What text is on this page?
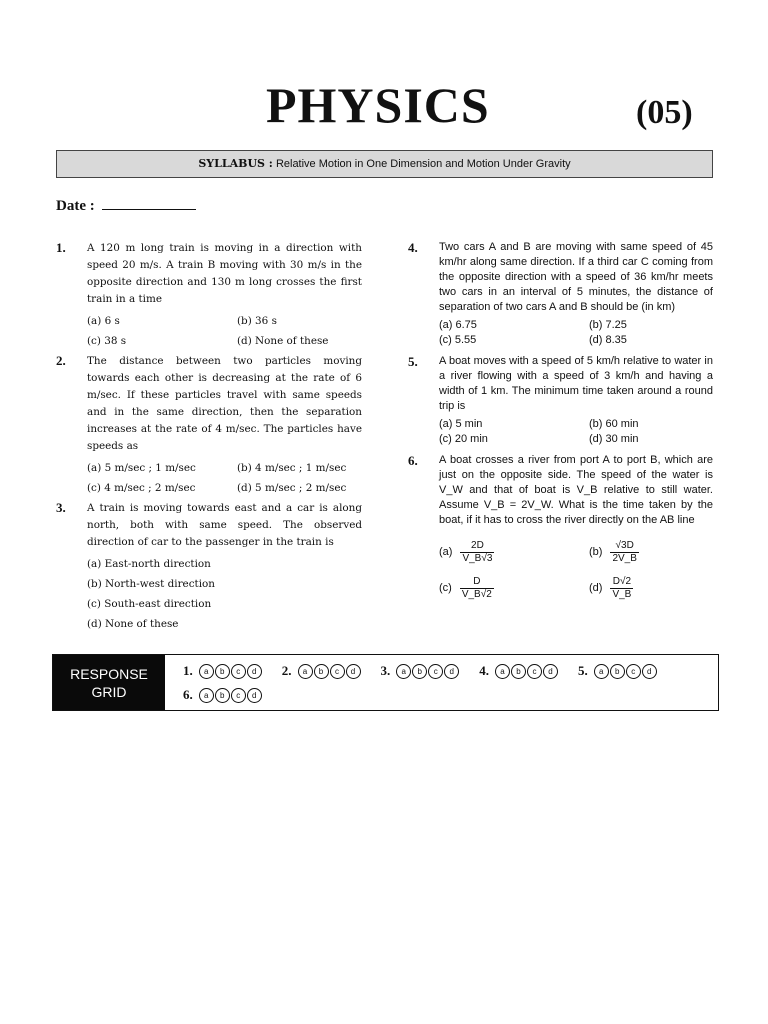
PHYSICS	(05)
SYLLABUS : Relative Motion in One Dimension and Motion Under Gravity
Date :
1. A 120 m long train is moving in a direction with speed 20 m/s. A train B moving with 30 m/s in the opposite direction and 130 m long crosses the first train in a time

(a) 6 s	(b) 36 s
(c) 38 s	(d) None of these
2. The distance between two particles moving towards each other is decreasing at the rate of 6 m/sec. If these particles travel with same speeds and in the same direction, then the separation increases at the rate of 4 m/sec. The particles have speeds as

(a) 5 m/sec ; 1 m/sec	(b) 4 m/sec ; 1 m/sec
(c) 4 m/sec ; 2 m/sec	(d) 5 m/sec ; 2 m/sec
3. A train is moving towards east and a car is along north, both with same speed. The observed direction of car to the passenger in the train is

(a) East-north direction
(b) North-west direction
(c) South-east direction
(d) None of these
4. Two cars A and B are moving with same speed of 45 km/hr along same direction. If a third car C coming from the opposite direction with a speed of 36 km/hr meets two cars in an interval of 5 minutes, the distance of separation of two cars A and B should be (in km)

(a) 6.75	(b) 7.25
(c) 5.55	(d) 8.35
5. A boat moves with a speed of 5 km/h relative to water in a river flowing with a speed of 3 km/h and having a width of 1 km. The minimum time taken around a round trip is

(a) 5 min	(b) 60 min
(c) 20 min	(d) 30 min
6. A boat crosses a river from port A to port B, which are just on the opposite side. The speed of the water is V_W and that of boat is V_B relative to still water. Assume V_B = 2V_W. What is the time taken by the boat, if it has to cross the river directly on the AB line

$(a) \frac{2D}{V\_B√3}$	$(b) \frac{√3D}{2V\_B}$
$(c) \frac{D}{V\_B√2}$	$(d) \frac{D√2}{V\_B}$
RESPONSE
GRID
1.	a	b	c	d	2.	a	b	c	d	3.	a	b	c	d	4.	a	b	c	d	5.	a	b	c	d
6.	a	b	c	d
